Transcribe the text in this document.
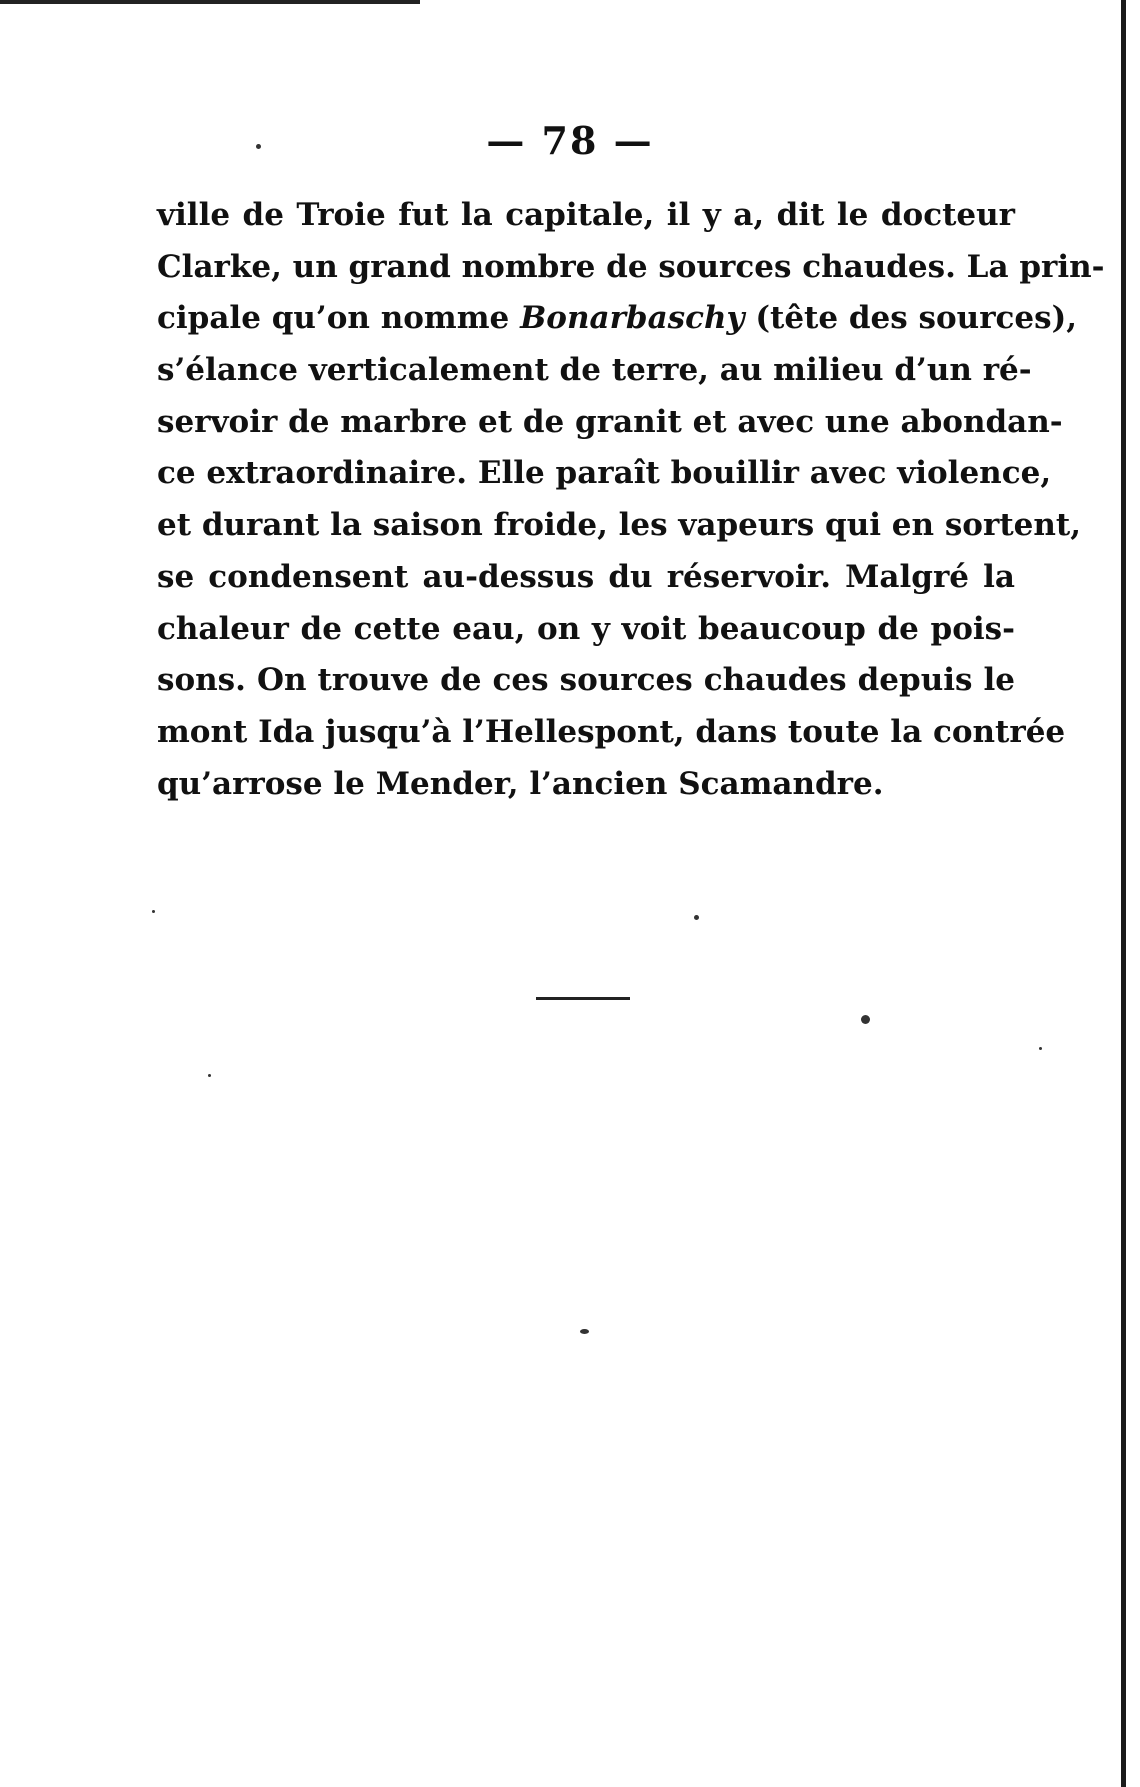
— 78 —
ville de Troie fut la capitale, il y a, dit le docteur
Clarke, un grand nombre de sources chaudes. La prin-
cipale qu’on nomme Bonarbaschy (tête des sources),
s’élance verticalement de terre, au milieu d’un ré-
servoir de marbre et de granit et avec une abondan-
ce extraordinaire. Elle paraît bouillir avec violence,
et durant la saison froide, les vapeurs qui en sortent,
se condensent au-dessus du réservoir. Malgré la
chaleur de cette eau, on y voit beaucoup de pois-
sons. On trouve de ces sources chaudes depuis le
mont Ida jusqu’à l’Hellespont, dans toute la contrée
qu’arrose le Mender, l’ancien Scamandre.
